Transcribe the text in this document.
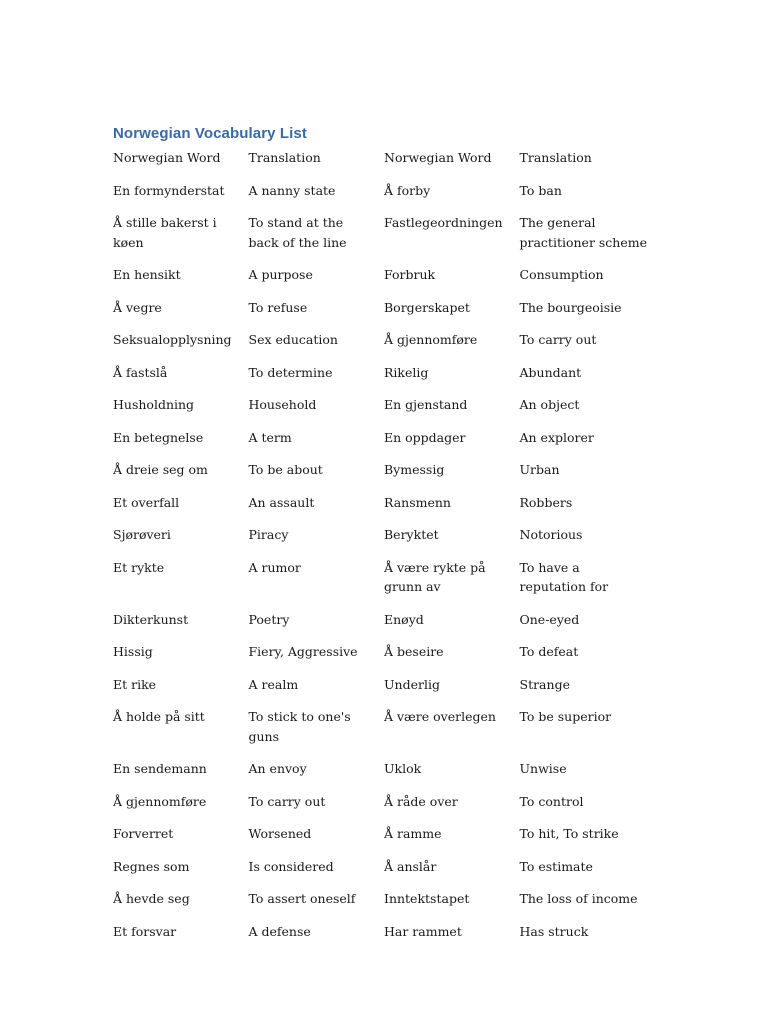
Norwegian Vocabulary List
Norwegian Word	Translation	Norwegian Word	Translation
En formynderstat	A nanny state	Å forby	To ban
Å stille bakerst i køen	To stand at the back of the line	Fastlegeordningen	The general practitioner scheme
En hensikt	A purpose	Forbruk	Consumption
Å vegre	To refuse	Borgerskapet	The bourgeoisie
Seksualopplysning	Sex education	Å gjennomføre	To carry out
Å fastslå	To determine	Rikelig	Abundant
Husholdning	Household	En gjenstand	An object
En betegnelse	A term	En oppdager	An explorer
Å dreie seg om	To be about	Bymessig	Urban
Et overfall	An assault	Ransmenn	Robbers
Sjørøveri	Piracy	Beryktet	Notorious
Et rykte	A rumor	Å være rykte på grunn av	To have a reputation for
Dikterkunst	Poetry	Enøyd	One-eyed
Hissig	Fiery, Aggressive	Å beseire	To defeat
Et rike	A realm	Underlig	Strange
Å holde på sitt	To stick to one's guns	Å være overlegen	To be superior
En sendemann	An envoy	Uklok	Unwise
Å gjennomføre	To carry out	Å råde over	To control
Forverret	Worsened	Å ramme	To hit, To strike
Regnes som	Is considered	Å anslår	To estimate
Å hevde seg	To assert oneself	Inntektstapet	The loss of income
Et forsvar	A defense	Har rammet	Has struck
